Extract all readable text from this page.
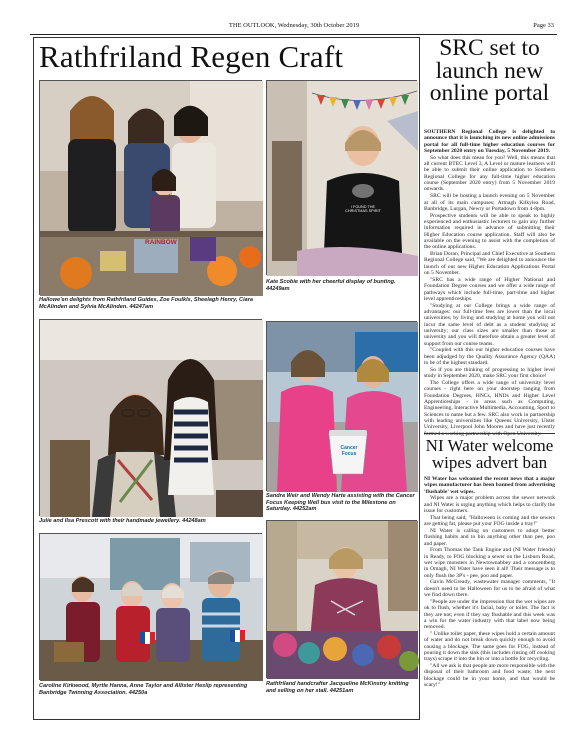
THE OUTLOOK, Wednesday, 30th October 2019	Page 33
Rathfriland Regen Craft
RAINBOW
Hallowe'en delights from Rathfriland Guides, Zoe Foulkls, Sheelagh Henry, Ciara McAlinden and Sylvia McAlinden. 44247am
I FOUND THE CHRISTMAS SPIRIT
Kate Scobie with her cheerful display of bunting. 44249am
Julie and Ilsa Prescott with their handmade jewellery. 44248am
Cancer
Focus
Sandra Weir and Wendy Harte assisting with the Cancer Focus Keeping Well bus visit to the Milestone on Saturday. 44252am
Caroline Kirkwood, Myrtle Hanna, Anne Taylor and Allister Heslip representing Banbridge Twinning Association. 44250a
Rathfriland handcrafter Jacqueline McKinstry knitting and selling on her stall. 44251am
SRC set to launch new online portal

SOUTHERN Regional College is delighted to announce that it is launching its new online admissions portal for all full-time higher education courses for September 2020 entry on Tuesday, 5 November 2019.

So what does this mean for you? Well, this means that all current BTEC Level 3, A Level or mature learners will be able to submit their online application to Southern Regional College for any full-time higher education course (September 2020 entry) from 5 November 2019 onwards.

SRC will be hosting a launch evening on 5 November at all of its main campuses; Armagh Kilkylea Road, Banbridge, Lurgan, Newry or Portadown from 4-8pm.

Prospective students will be able to speak to highly experienced and enthusiastic lecturers to gain any further information required in advance of submitting their Higher Education course application. Staff will also be available on the evening to assist with the completion of the online applications.

Brian Doran, Principal and Chief Executive at Southern Regional College said, "We are delighted to announce the launch of our new Higher Education Applications Portal on 5 November.

"SRC has a wide range of Higher National and Foundation Degree courses and we offer a wide range of pathways which include full-time, part-time and higher level apprenticeships.

"Studying at our College brings a wide range of advantages: our full-time fees are lower than the local universities; by living and studying at home you will not incur the same level of debt as a student studying at university; our class sizes are smaller than those at university and you will therefore obtain a greater level of support from our course teams.

"Coupled with this our higher education courses have been adjudged by the Quality Assurance Agency (QAA) to be of the highest standard.

So if you are thinking of progressing to higher level study in September 2020, make SRC your first choice!

The College offers a wide range of university level courses - right here on your doorstep ranging from Foundation Degrees, HNCs, HNDs and Higher Level Apprenticeships - in areas such as Computing, Engineering, Interactive Multimedia, Accounting, Sport to Sciences to name but a few. SRC also work in partnership with leading universities like Queens University, Ulster University, Liverpool John Moores and have just recently

NI Water welcome wipes advert ban

NI Water has welcomed the recent news that a major wipes manufacturer has been banned from advertising 'flushable' wet wipes.

Wipes are a major problem across the sewer network and NI Water is urging anything which helps to clarify the issue for customers.

That being said, "Halloween is coming and the sewers are getting fat, please put your FOG inside a tray!"

NI Water is calling on customers to adopt better flushing habits and to bin anything other than pee, poo and paper.

From Thomas the Tank Engine and (NI Water friends) in Ready, to FOG blocking a sewer on the Lisburn Road, wet wipe monsters in Newtownabbey and a concentberg in Omagh, NI Water have seen it all! Their message is to only flush the 3P's - pee, poo and paper.

Gavin McGready, wastewater manager comments, "It doesn't need to be Halloween for us to be afraid of what we find down there.

"People are under the impression that the wet wipes are ok to flush, whether it's facial, baby or toilet. The fact is they are not; even if they say flushable and this week was a win for the water industry with that label now being removed.

" Unlike toilet paper, these wipes hold a certain amount of water and do not break down quickly enough to avoid causing a blockage. The same goes for FOG, instead of pouring it down the sink (this includes rinsing off cooking trays) scrape it into the bin or into a bottle for recycling.

"All we ask is that people are more responsible with the disposal of their bathroom and food waste; the next blockage could be in your home, and that would be scary!"
